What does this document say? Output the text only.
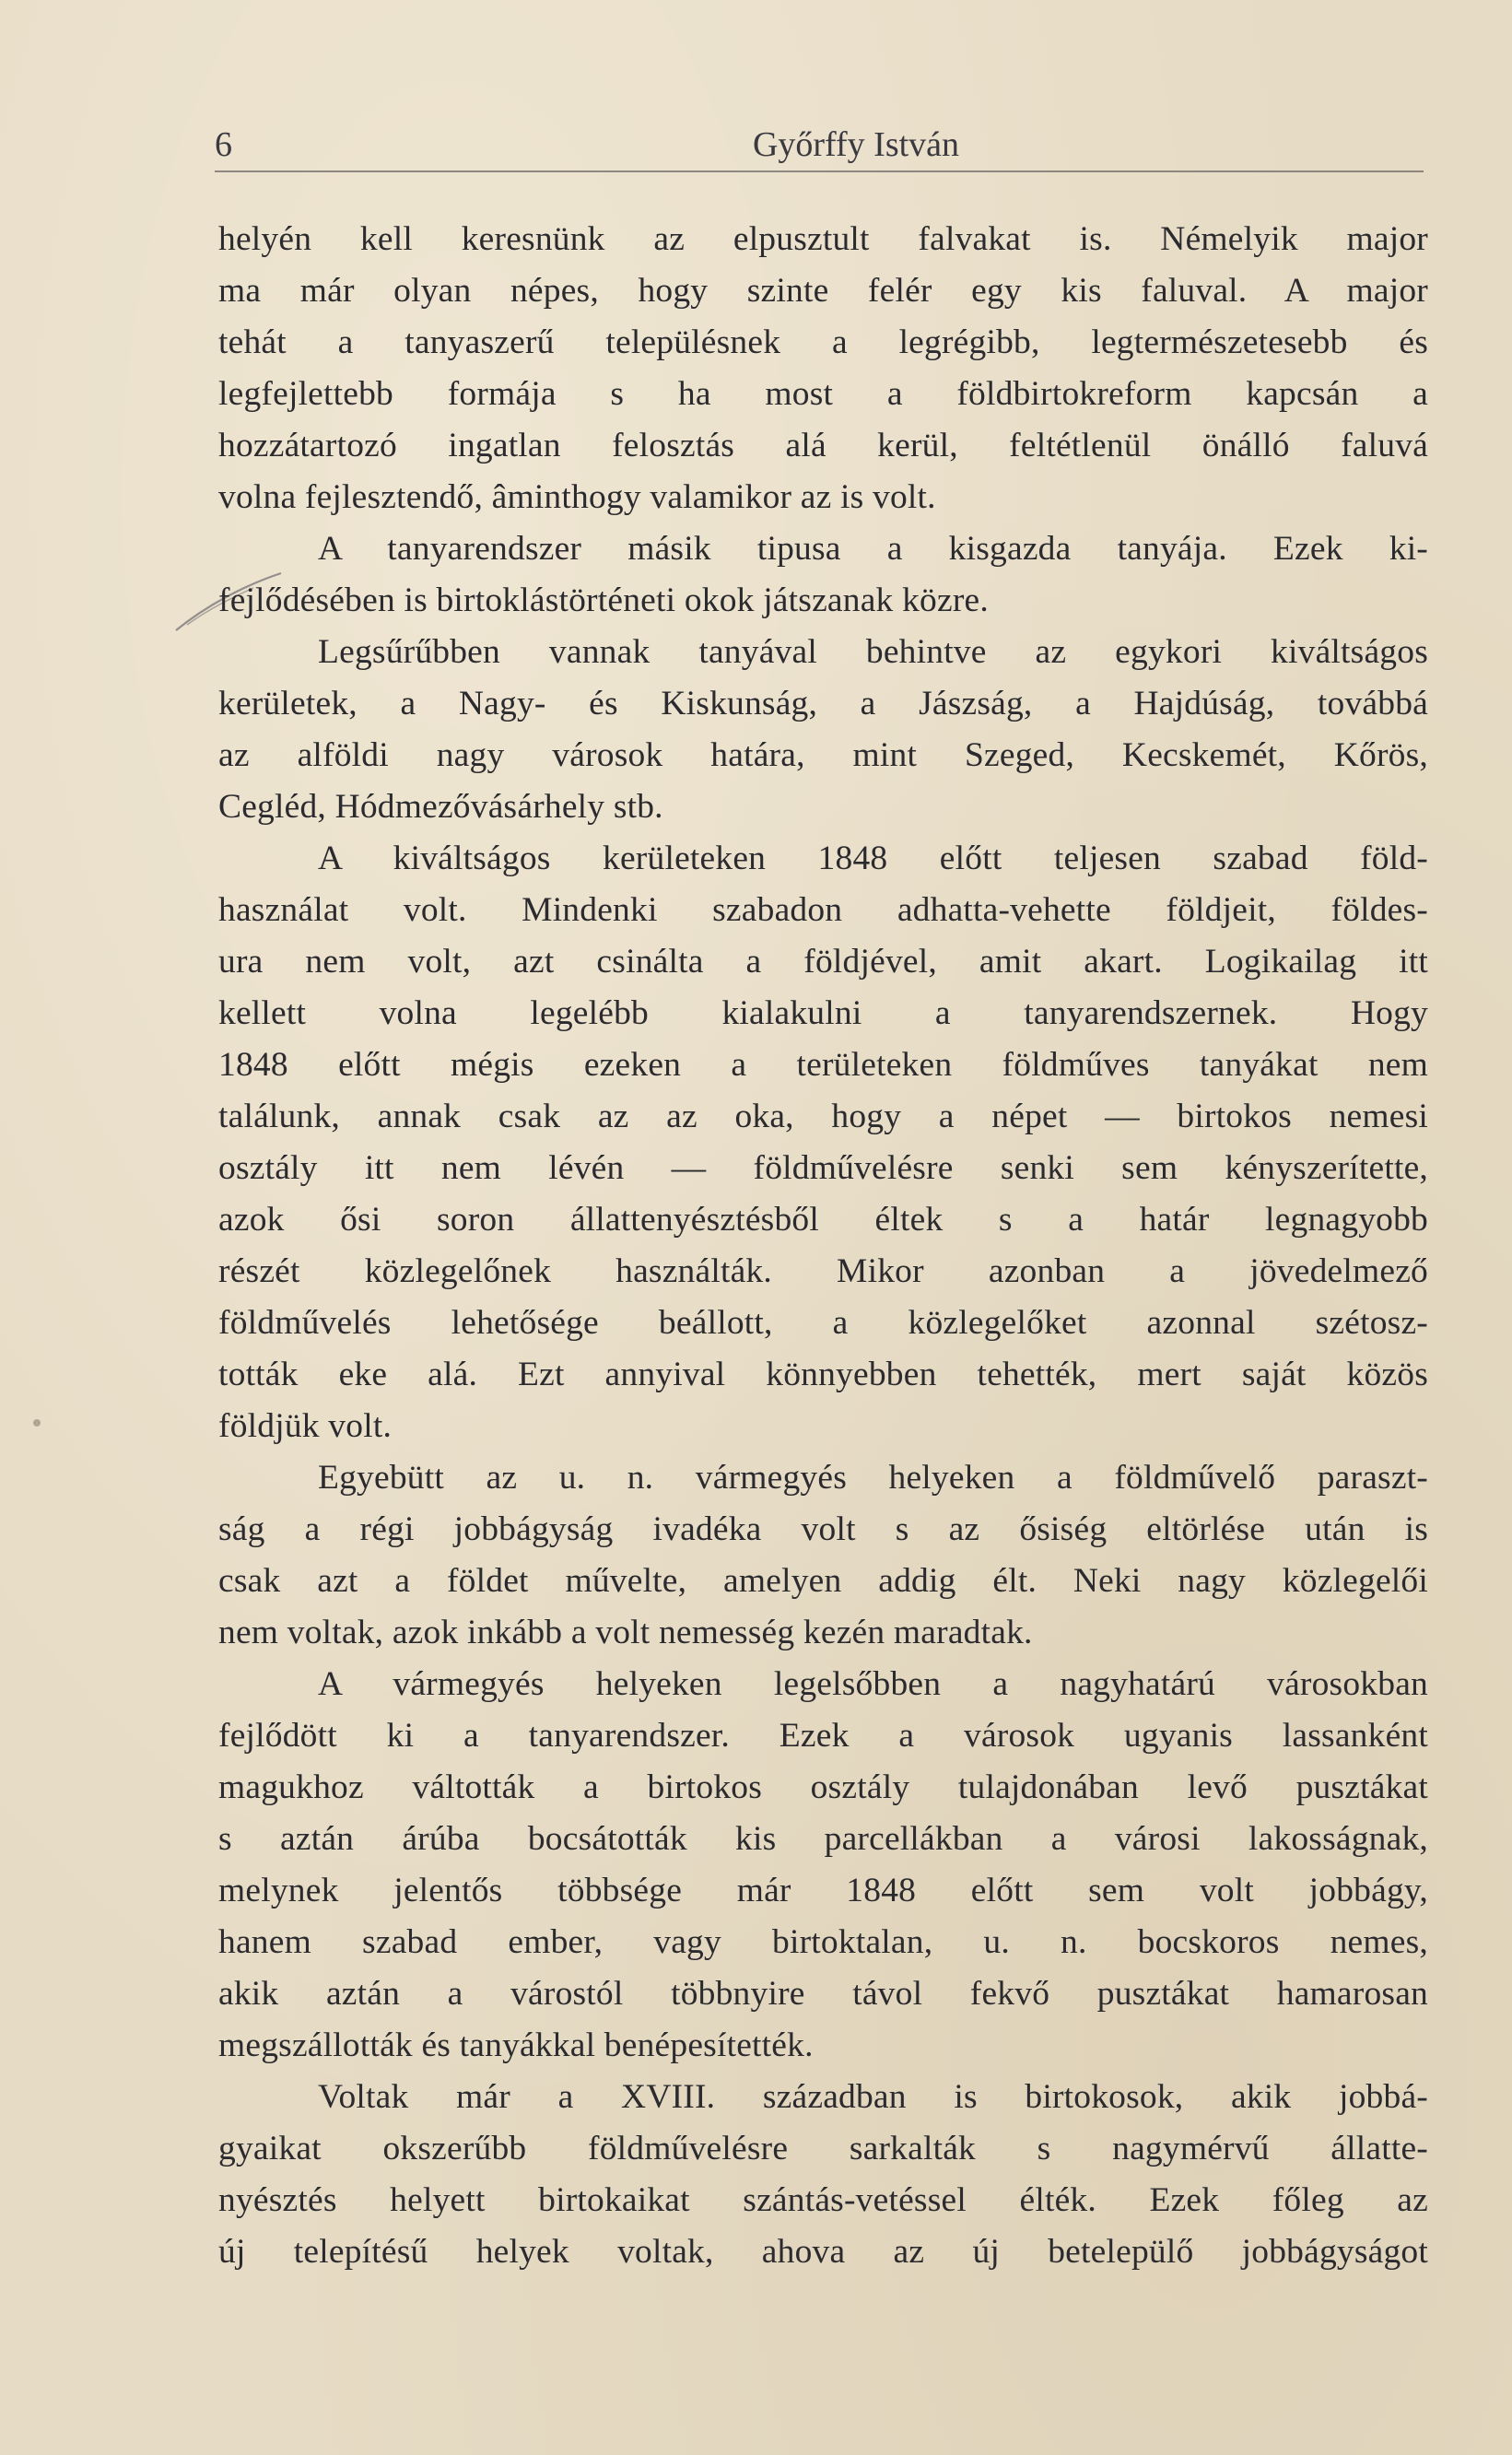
6	Győrffy István
helyén kell keresnünk az elpusztult falvakat is. Némelyik major
ma már olyan népes, hogy szinte felér egy kis faluval. A major
tehát a tanyaszerű településnek a legrégibb, legtermészetesebb és
legfejlettebb formája s ha most a földbirtokreform kapcsán a
hozzátartozó ingatlan felosztás alá kerül, feltétlenül önálló faluvá
volna fejlesztendő, âminthogy valamikor az is volt.
A tanyarendszer másik tipusa a kisgazda tanyája. Ezek ki-
fejlődésében is birtoklástörténeti okok játszanak közre.
Legsűrűbben vannak tanyával behintve az egykori kiváltságos
kerületek, a Nagy- és Kiskunság, a Jászság, a Hajdúság, továbbá
az alföldi nagy városok határa, mint Szeged, Kecskemét, Kőrös,
Cegléd, Hódmezővásárhely stb.
A kiváltságos kerületeken 1848 előtt teljesen szabad föld-
használat volt. Mindenki szabadon adhatta-vehette földjeit, földes-
ura nem volt, azt csinálta a földjével, amit akart. Logikailag itt
kellett volna legelébb kialakulni a tanyarendszernek. Hogy
1848 előtt mégis ezeken a területeken földműves tanyákat nem
találunk, annak csak az az oka, hogy a népet — birtokos nemesi
osztály itt nem lévén — földművelésre senki sem kényszerítette,
azok ősi soron állattenyésztésből éltek s a határ legnagyobb
részét közlegelőnek használták. Mikor azonban a jövedelmező
földművelés lehetősége beállott, a közlegelőket azonnal szétosz-
tották eke alá. Ezt annyival könnyebben tehették, mert saját közös
földjük volt.
Egyebütt az u. n. vármegyés helyeken a földművelő paraszt-
ság a régi jobbágyság ivadéka volt s az ősiség eltörlése után is
csak azt a földet művelte, amelyen addig élt. Neki nagy közlegelői
nem voltak, azok inkább a volt nemesség kezén maradtak.
A vármegyés helyeken legelsőbben a nagyhatárú városokban
fejlődött ki a tanyarendszer. Ezek a városok ugyanis lassanként
magukhoz váltották a birtokos osztály tulajdonában levő pusztákat
s aztán árúba bocsátották kis parcellákban a városi lakosságnak,
melynek jelentős többsége már 1848 előtt sem volt jobbágy,
hanem szabad ember, vagy birtoktalan, u. n. bocskoros nemes,
akik aztán a várostól többnyire távol fekvő pusztákat hamarosan
megszállották és tanyákkal benépesítették.
Voltak már a XVIII. században is birtokosok, akik jobbá-
gyaikat okszerűbb földművelésre sarkalták s nagymérvű állatte-
nyésztés helyett birtokaikat szántás-vetéssel élték. Ezek főleg az
új telepítésű helyek voltak, ahova az új betelepülő jobbágyságot
